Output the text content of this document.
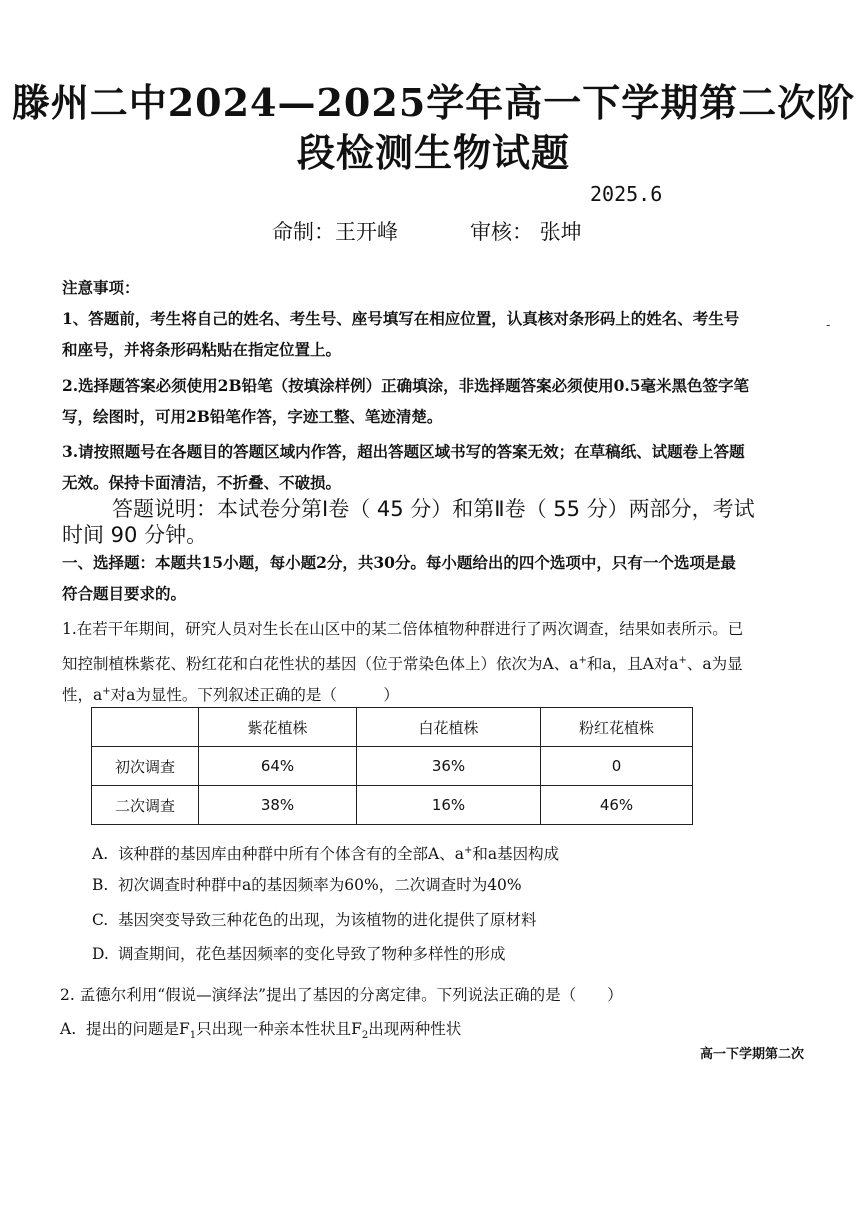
滕州二中2024—2025学年高一下学期第二次阶
段检测生物试题
2025.6
命制：王开峰	审核： 张坤
注意事项：
1、答题前，考生将自己的姓名、考生号、座号填写在相应位置，认真核对条形码上的姓名、考生号
和座号，并将条形码粘贴在指定位置上。
2.选择题答案必须使用2B铅笔（按填涂样例）正确填涂，非选择题答案必须使用0.5毫米黑色签字笔
写，绘图时，可用2B铅笔作答，字迹工整、笔迹清楚。
3.请按照题号在各题目的答题区域内作答，超出答题区域书写的答案无效；在草稿纸、试题卷上答题
无效。保持卡面清洁，不折叠、不破损。
-
答题说明：本试卷分第Ⅰ卷（ 45 分）和第Ⅱ卷（ 55 分）两部分，考试
时间 90 分钟。
一、选择题：本题共15小题，每小题2分，共30分。每小题给出的四个选项中，只有一个选项是最
符合题目要求的。
1.在若干年期间，研究人员对生长在山区中的某二倍体植物种群进行了两次调查，结果如表所示。已
知控制植株紫花、粉红花和白花性状的基因（位于常染色体上）依次为A、a+和a，且A对a+、a为显
性，a+对a为显性。下列叙述正确的是（　　　）
	紫花植株	白花植株	粉红花植株
初次调查	64%	36%	0
二次调查	38%	16%	46%
A. 该种群的基因库由种群中所有个体含有的全部A、a+和a基因构成
B. 初次调查时种群中a的基因频率为60%，二次调查时为40%
C. 基因突变导致三种花色的出现，为该植物的进化提供了原材料
D. 调查期间，花色基因频率的变化导致了物种多样性的形成
2. 孟德尔利用“假说—演绎法”提出了基因的分离定律。下列说法正确的是（　　）
A. 提出的问题是$F_1$只出现一种亲本性状且$F_2$出现两种性状
高一下学期第二次
